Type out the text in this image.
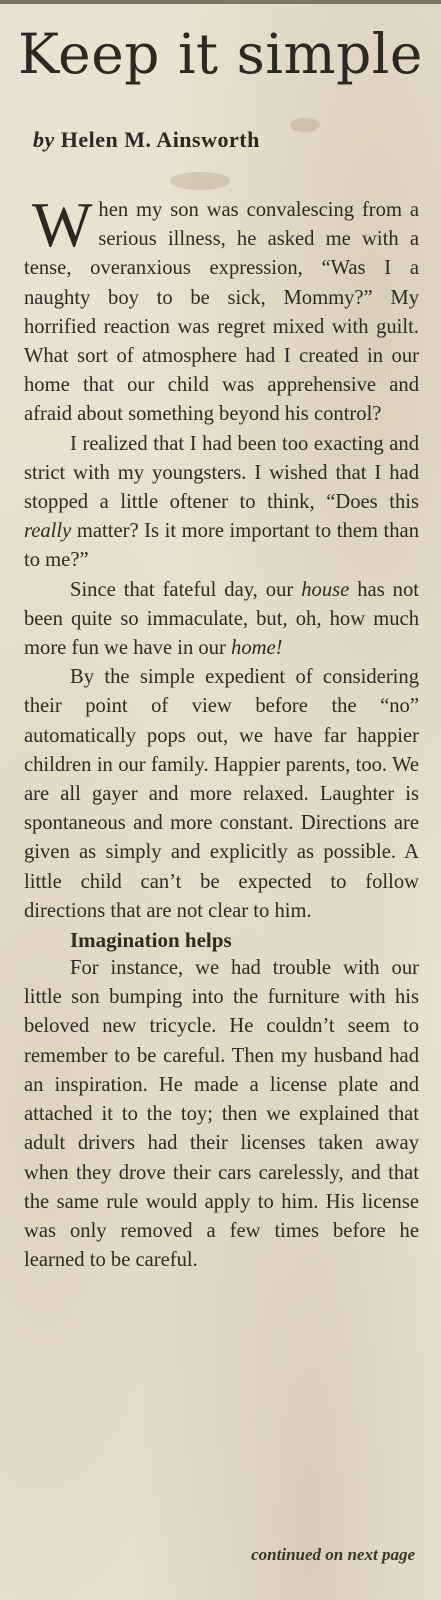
Keep it simple
by Helen M. Ainsworth

When my son was convalescing from a serious illness, he asked me with a tense, overanxious expression, “Was I a naughty boy to be sick, Mommy?” My horrified reaction was regret mixed with guilt. What sort of atmosphere had I created in our home that our child was apprehensive and afraid about something beyond his control?

I realized that I had been too exacting and strict with my youngsters. I wished that I had stopped a little oftener to think, “Does this really matter? Is it more important to them than to me?”

Since that fateful day, our house has not been quite so immaculate, but, oh, how much more fun we have in our home!

By the simple expedient of considering their point of view before the “no” automatically pops out, we have far happier children in our family. Happier parents, too. We are all gayer and more relaxed. Laughter is spontaneous and more constant. Directions are given as simply and explicitly as possible. A little child can’t be expected to follow directions that are not clear to him.

Imagination helps

For instance, we had trouble with our little son bumping into the furniture with his beloved new tricycle. He couldn’t seem to remember to be careful. Then my husband had an inspiration. He made a license plate and attached it to the toy; then we explained that adult drivers had their licenses taken away when they drove their cars carelessly, and that the same rule would apply to him. His license was only removed a few times before he learned to be careful.

continued on next page
